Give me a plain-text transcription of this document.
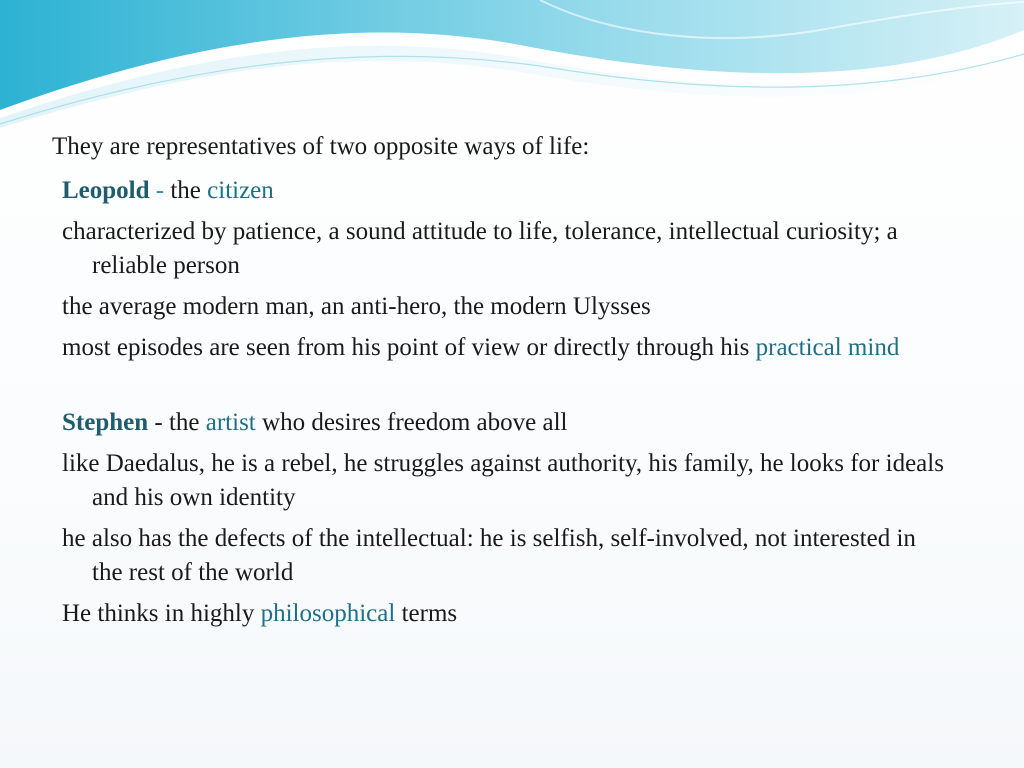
They are representatives of two opposite ways of life:

Leopold - the citizen

characterized by patience, a sound attitude to life, tolerance, intellectual curiosity; a reliable person

the average modern man, an anti-hero, the modern Ulysses

most episodes are seen from his point of view or directly through his practical mind

Stephen - the artist who desires freedom above all

like Daedalus, he is a rebel, he struggles against authority, his family, he looks for ideals and his own identity

he also has the defects of the intellectual: he is selfish, self-involved, not interested in the rest of the world

He thinks in highly philosophical terms
